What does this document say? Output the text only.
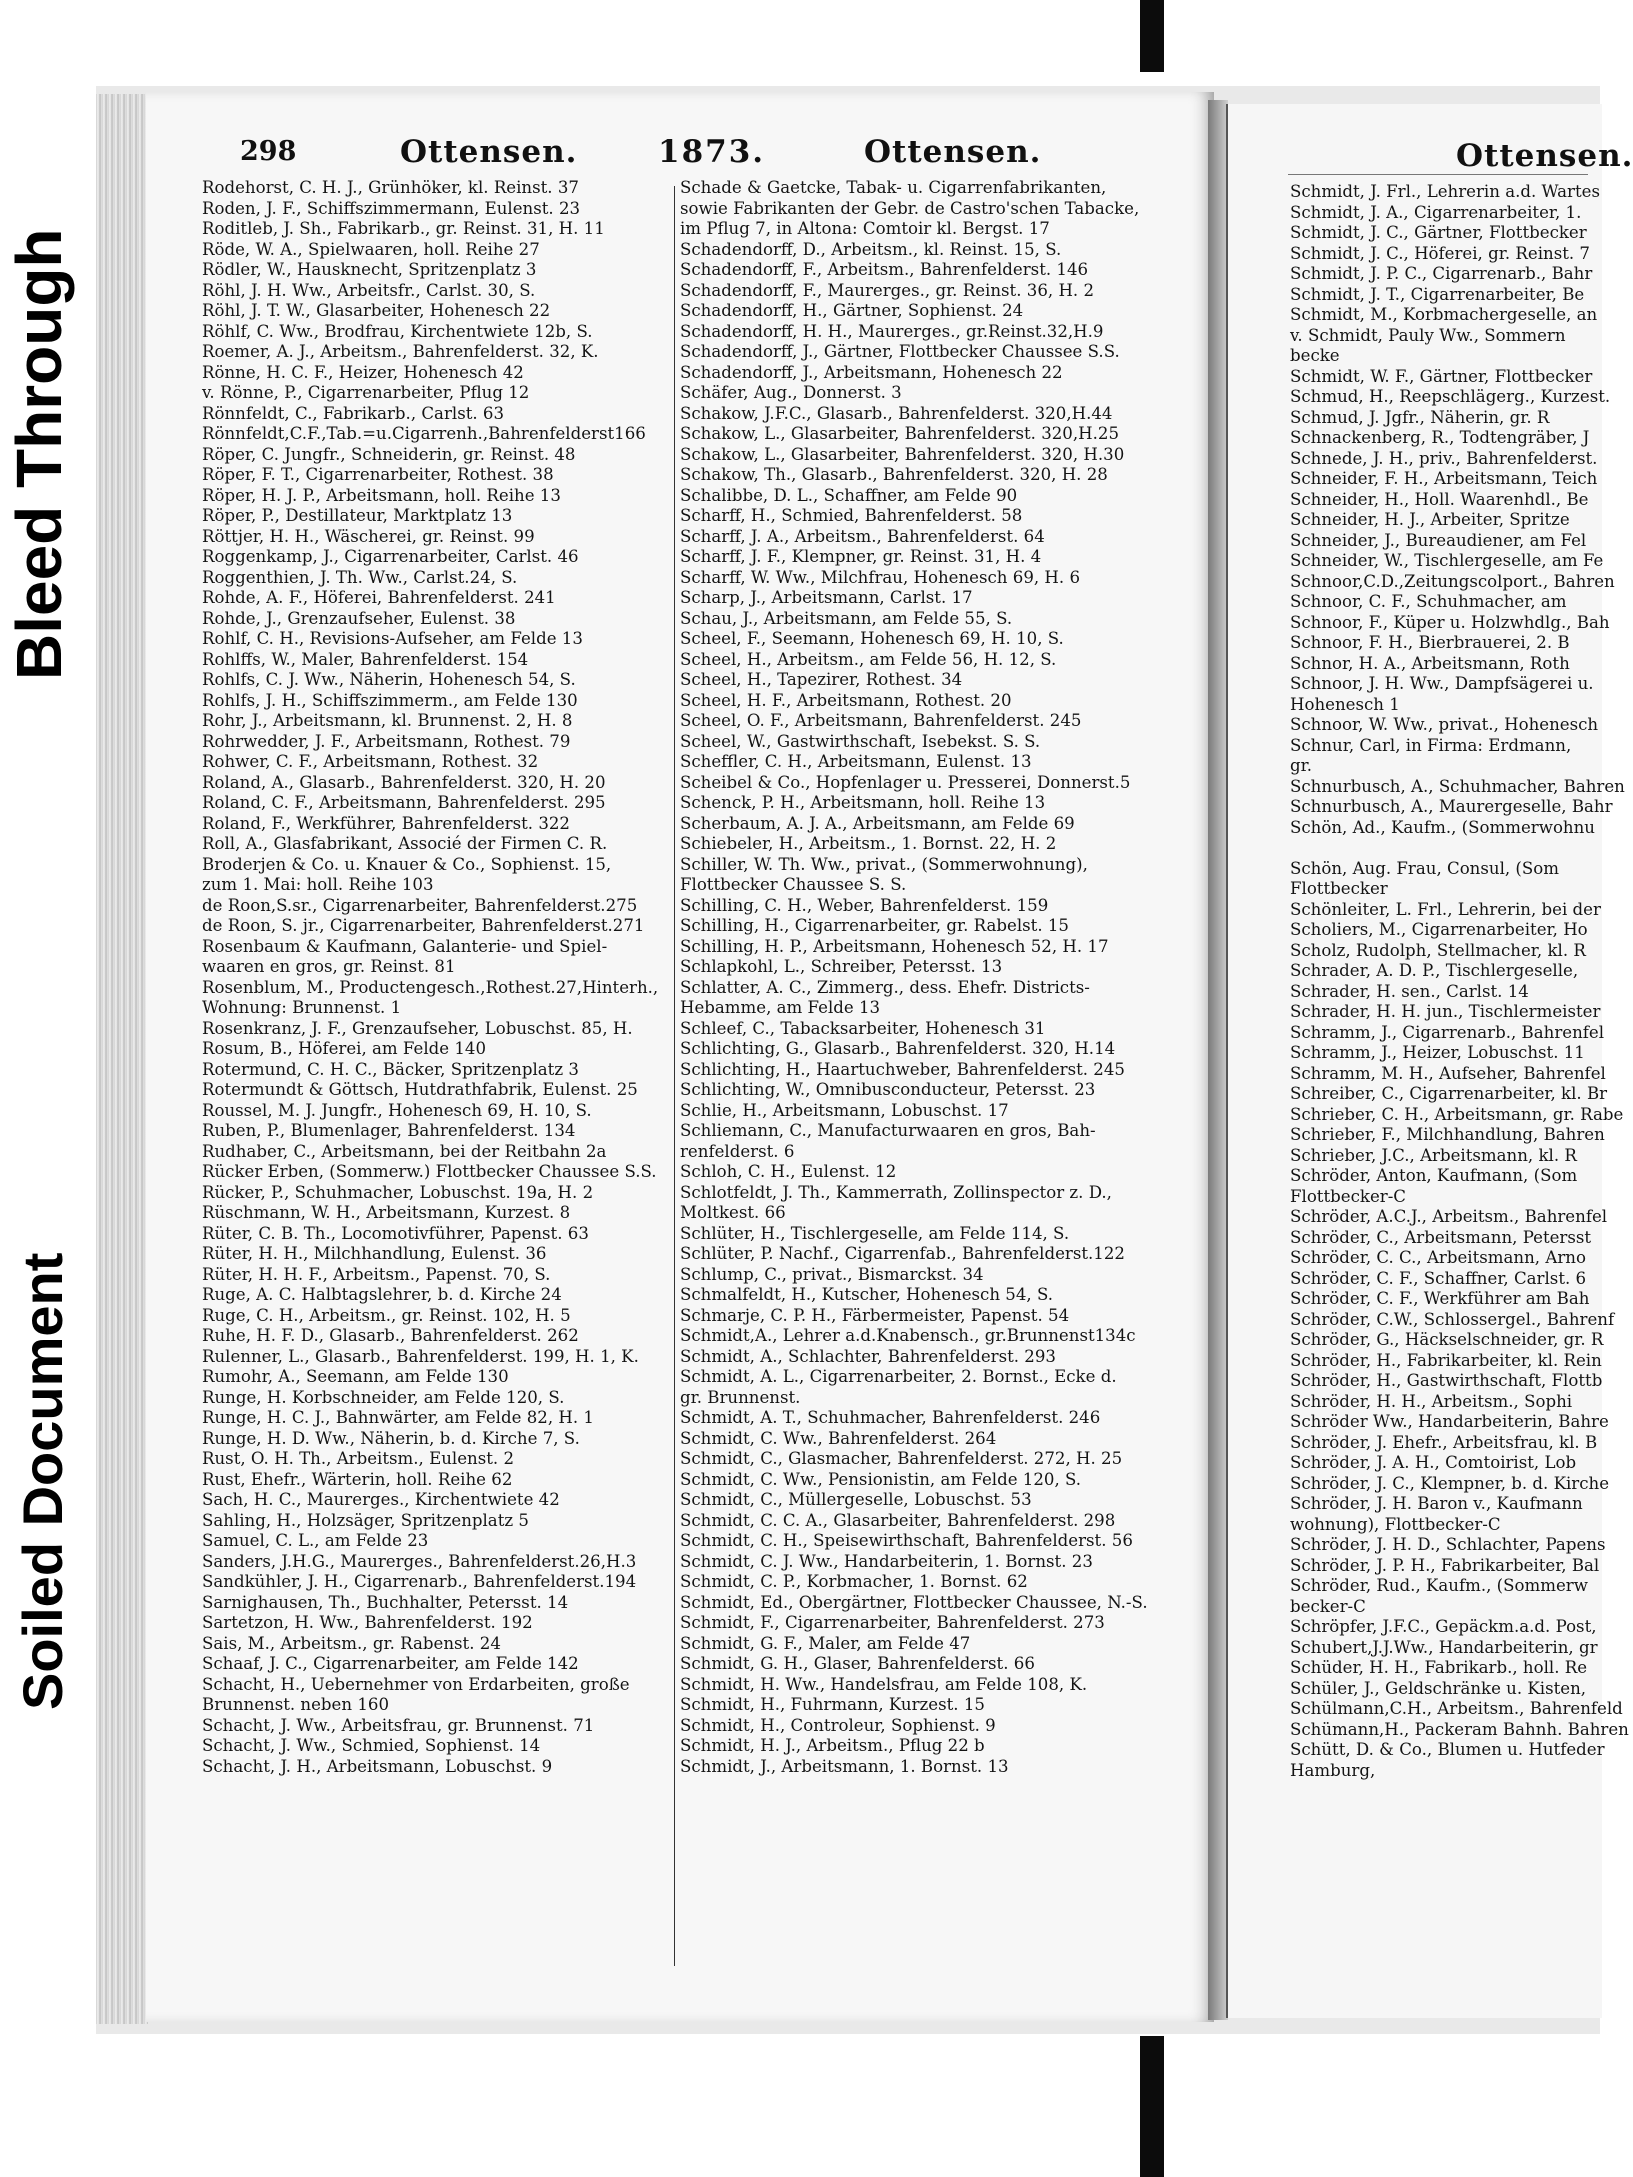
Bleed Through
Soiled Document
298	Ottensen.	1873.	Ottensen.	Ottensen.
Rodehorst, C. H. J., Grünhöker, kl. Reinst. 37
Roden, J. F., Schiffszimmermann, Eulenst. 23
Roditleb, J. Sh., Fabrikarb., gr. Reinst. 31, H. 11
Röde, W. A., Spielwaaren, holl. Reihe 27
Rödler, W., Hausknecht, Spritzenplatz 3
Röhl, J. H. Ww., Arbeitsfr., Carlst. 30, S.
Röhl, J. T. W., Glasarbeiter, Hohenesch 22
Röhlf, C. Ww., Brodfrau, Kirchentwiete 12b, S.
Roemer, A. J., Arbeitsm., Bahrenfelderst. 32, K.
Rönne, H. C. F., Heizer, Hohenesch 42
v. Rönne, P., Cigarrenarbeiter, Pflug 12
Rönnfeldt, C., Fabrikarb., Carlst. 63
Rönnfeldt,C.F.,Tab.=u.Cigarrenh.,Bahrenfelderst166
Röper, C. Jungfr., Schneiderin, gr. Reinst. 48
Röper, F. T., Cigarrenarbeiter, Rothest. 38
Röper, H. J. P., Arbeitsmann, holl. Reihe 13
Röper, P., Destillateur, Marktplatz 13
Röttjer, H. H., Wäscherei, gr. Reinst. 99
Roggenkamp, J., Cigarrenarbeiter, Carlst. 46
Roggenthien, J. Th. Ww., Carlst.24, S.
Rohde, A. F., Höferei, Bahrenfelderst. 241
Rohde, J., Grenzaufseher, Eulenst. 38
Rohlf, C. H., Revisions-Aufseher, am Felde 13
Rohlffs, W., Maler, Bahrenfelderst. 154
Rohlfs, C. J. Ww., Näherin, Hohenesch 54, S.
Rohlfs, J. H., Schiffszimmerm., am Felde 130
Rohr, J., Arbeitsmann, kl. Brunnenst. 2, H. 8
Rohrwedder, J. F., Arbeitsmann, Rothest. 79
Rohwer, C. F., Arbeitsmann, Rothest. 32
Roland, A., Glasarb., Bahrenfelderst. 320, H. 20
Roland, C. F., Arbeitsmann, Bahrenfelderst. 295
Roland, F., Werkführer, Bahrenfelderst. 322
Roll, A., Glasfabrikant, Associé der Firmen C. R.
Broderjen & Co. u. Knauer & Co., Sophienst. 15,
zum 1. Mai: holl. Reihe 103
de Roon,S.sr., Cigarrenarbeiter, Bahrenfelderst.275
de Roon, S. jr., Cigarrenarbeiter, Bahrenfelderst.271
Rosenbaum & Kaufmann, Galanterie- und Spiel-
waaren en gros, gr. Reinst. 81
Rosenblum, M., Productengesch.,Rothest.27,Hinterh.,
Wohnung: Brunnenst. 1
Rosenkranz, J. F., Grenzaufseher, Lobuschst. 85, H.
Rosum, B., Höferei, am Felde 140
Rotermund, C. H. C., Bäcker, Spritzenplatz 3
Rotermundt & Göttsch, Hutdrathfabrik, Eulenst. 25
Roussel, M. J. Jungfr., Hohenesch 69, H. 10, S.
Ruben, P., Blumenlager, Bahrenfelderst. 134
Rudhaber, C., Arbeitsmann, bei der Reitbahn 2a
Rücker Erben, (Sommerw.) Flottbecker Chaussee S.S.
Rücker, P., Schuhmacher, Lobuschst. 19a, H. 2
Rüschmann, W. H., Arbeitsmann, Kurzest. 8
Rüter, C. B. Th., Locomotivführer, Papenst. 63
Rüter, H. H., Milchhandlung, Eulenst. 36
Rüter, H. H. F., Arbeitsm., Papenst. 70, S.
Ruge, A. C. Halbtagslehrer, b. d. Kirche 24
Ruge, C. H., Arbeitsm., gr. Reinst. 102, H. 5
Ruhe, H. F. D., Glasarb., Bahrenfelderst. 262
Rulenner, L., Glasarb., Bahrenfelderst. 199, H. 1, K.
Rumohr, A., Seemann, am Felde 130
Runge, H. Korbschneider, am Felde 120, S.
Runge, H. C. J., Bahnwärter, am Felde 82, H. 1
Runge, H. D. Ww., Näherin, b. d. Kirche 7, S.
Rust, O. H. Th., Arbeitsm., Eulenst. 2
Rust, Ehefr., Wärterin, holl. Reihe 62
Sach, H. C., Maurerges., Kirchentwiete 42
Sahling, H., Holzsäger, Spritzenplatz 5
Samuel, C. L., am Felde 23
Sanders, J.H.G., Maurerges., Bahrenfelderst.26,H.3
Sandkühler, J. H., Cigarrenarb., Bahrenfelderst.194
Sarnighausen, Th., Buchhalter, Petersst. 14
Sartetzon, H. Ww., Bahrenfelderst. 192
Sais, M., Arbeitsm., gr. Rabenst. 24
Schaaf, J. C., Cigarrenarbeiter, am Felde 142
Schacht, H., Uebernehmer von Erdarbeiten, große
Brunnenst. neben 160
Schacht, J. Ww., Arbeitsfrau, gr. Brunnenst. 71
Schacht, J. Ww., Schmied, Sophienst. 14
Schacht, J. H., Arbeitsmann, Lobuschst. 9
Schade & Gaetcke, Tabak- u. Cigarrenfabrikanten,
sowie Fabrikanten der Gebr. de Castro'schen Tabacke,
im Pflug 7, in Altona: Comtoir kl. Bergst. 17
Schadendorff, D., Arbeitsm., kl. Reinst. 15, S.
Schadendorff, F., Arbeitsm., Bahrenfelderst. 146
Schadendorff, F., Maurerges., gr. Reinst. 36, H. 2
Schadendorff, H., Gärtner, Sophienst. 24
Schadendorff, H. H., Maurerges., gr.Reinst.32,H.9
Schadendorff, J., Gärtner, Flottbecker Chaussee S.S.
Schadendorff, J., Arbeitsmann, Hohenesch 22
Schäfer, Aug., Donnerst. 3
Schakow, J.F.C., Glasarb., Bahrenfelderst. 320,H.44
Schakow, L., Glasarbeiter, Bahrenfelderst. 320,H.25
Schakow, L., Glasarbeiter, Bahrenfelderst. 320, H.30
Schakow, Th., Glasarb., Bahrenfelderst. 320, H. 28
Schalibbe, D. L., Schaffner, am Felde 90
Scharff, H., Schmied, Bahrenfelderst. 58
Scharff, J. A., Arbeitsm., Bahrenfelderst. 64
Scharff, J. F., Klempner, gr. Reinst. 31, H. 4
Scharff, W. Ww., Milchfrau, Hohenesch 69, H. 6
Scharp, J., Arbeitsmann, Carlst. 17
Schau, J., Arbeitsmann, am Felde 55, S.
Scheel, F., Seemann, Hohenesch 69, H. 10, S.
Scheel, H., Arbeitsm., am Felde 56, H. 12, S.
Scheel, H., Tapezirer, Rothest. 34
Scheel, H. F., Arbeitsmann, Rothest. 20
Scheel, O. F., Arbeitsmann, Bahrenfelderst. 245
Scheel, W., Gastwirthschaft, Isebekst. S. S.
Scheffler, C. H., Arbeitsmann, Eulenst. 13
Scheibel & Co., Hopfenlager u. Presserei, Donnerst.5
Schenck, P. H., Arbeitsmann, holl. Reihe 13
Scherbaum, A. J. A., Arbeitsmann, am Felde 69
Schiebeler, H., Arbeitsm., 1. Bornst. 22, H. 2
Schiller, W. Th. Ww., privat., (Sommerwohnung),
Flottbecker Chaussee S. S.
Schilling, C. H., Weber, Bahrenfelderst. 159
Schilling, H., Cigarrenarbeiter, gr. Rabelst. 15
Schilling, H. P., Arbeitsmann, Hohenesch 52, H. 17
Schlapkohl, L., Schreiber, Petersst. 13
Schlatter, A. C., Zimmerg., dess. Ehefr. Districts-
Hebamme, am Felde 13
Schleef, C., Tabacksarbeiter, Hohenesch 31
Schlichting, G., Glasarb., Bahrenfelderst. 320, H.14
Schlichting, H., Haartuchweber, Bahrenfelderst. 245
Schlichting, W., Omnibusconducteur, Petersst. 23
Schlie, H., Arbeitsmann, Lobuschst. 17
Schliemann, C., Manufacturwaaren en gros, Bah-
renfelderst. 6
Schloh, C. H., Eulenst. 12
Schlotfeldt, J. Th., Kammerrath, Zollinspector z. D.,
Moltkest. 66
Schlüter, H., Tischlergeselle, am Felde 114, S.
Schlüter, P. Nachf., Cigarrenfab., Bahrenfelderst.122
Schlump, C., privat., Bismarckst. 34
Schmalfeldt, H., Kutscher, Hohenesch 54, S.
Schmarje, C. P. H., Färbermeister, Papenst. 54
Schmidt,A., Lehrer a.d.Knabensch., gr.Brunnenst134c
Schmidt, A., Schlachter, Bahrenfelderst. 293
Schmidt, A. L., Cigarrenarbeiter, 2. Bornst., Ecke d.
gr. Brunnenst.
Schmidt, A. T., Schuhmacher, Bahrenfelderst. 246
Schmidt, C. Ww., Bahrenfelderst. 264
Schmidt, C., Glasmacher, Bahrenfelderst. 272, H. 25
Schmidt, C. Ww., Pensionistin, am Felde 120, S.
Schmidt, C., Müllergeselle, Lobuschst. 53
Schmidt, C. C. A., Glasarbeiter, Bahrenfelderst. 298
Schmidt, C. H., Speisewirthschaft, Bahrenfelderst. 56
Schmidt, C. J. Ww., Handarbeiterin, 1. Bornst. 23
Schmidt, C. P., Korbmacher, 1. Bornst. 62
Schmidt, Ed., Obergärtner, Flottbecker Chaussee, N.-S.
Schmidt, F., Cigarrenarbeiter, Bahrenfelderst. 273
Schmidt, G. F., Maler, am Felde 47
Schmidt, G. H., Glaser, Bahrenfelderst. 66
Schmidt, H. Ww., Handelsfrau, am Felde 108, K.
Schmidt, H., Fuhrmann, Kurzest. 15
Schmidt, H., Controleur, Sophienst. 9
Schmidt, H. J., Arbeitsm., Pflug 22 b
Schmidt, J., Arbeitsmann, 1. Bornst. 13
Schmidt, J. Frl., Lehrerin a.d. Wartes
Schmidt, J. A., Cigarrenarbeiter, 1.
Schmidt, J. C., Gärtner, Flottbecker
Schmidt, J. C., Höferei, gr. Reinst. 7
Schmidt, J. P. C., Cigarrenarb., Bahr
Schmidt, J. T., Cigarrenarbeiter, Be
Schmidt, M., Korbmachergeselle, an
v. Schmidt, Pauly Ww., Sommern
becke
Schmidt, W. F., Gärtner, Flottbecker
Schmud, H., Reepschlägerg., Kurzest.
Schmud, J. Jgfr., Näherin, gr. R
Schnackenberg, R., Todtengräber, J
Schnede, J. H., priv., Bahrenfelderst.
Schneider, F. H., Arbeitsmann, Teich
Schneider, H., Holl. Waarenhdl., Be
Schneider, H. J., Arbeiter, Spritze
Schneider, J., Bureaudiener, am Fel
Schneider, W., Tischlergeselle, am Fe
Schnoor,C.D.,Zeitungscolport., Bahren
Schnoor, C. F., Schuhmacher, am
Schnoor, F., Küper u. Holzwhdlg., Bah
Schnoor, F. H., Bierbrauerei, 2. B
Schnor, H. A., Arbeitsmann, Roth
Schnoor, J. H. Ww., Dampfsägerei u.
Hohenesch 1
Schnoor, W. Ww., privat., Hohenesch
Schnur, Carl, in Firma: Erdmann,
gr.
Schnurbusch, A., Schuhmacher, Bahren
Schnurbusch, A., Maurergeselle, Bahr
Schön, Ad., Kaufm., (Sommerwohnu
Schön, Aug. Frau, Consul, (Som
Flottbecker
Schönleiter, L. Frl., Lehrerin, bei der
Scholiers, M., Cigarrenarbeiter, Ho
Scholz, Rudolph, Stellmacher, kl. R
Schrader, A. D. P., Tischlergeselle,
Schrader, H. sen., Carlst. 14
Schrader, H. H. jun., Tischlermeister
Schramm, J., Cigarrenarb., Bahrenfel
Schramm, J., Heizer, Lobuschst. 11
Schramm, M. H., Aufseher, Bahrenfel
Schreiber, C., Cigarrenarbeiter, kl. Br
Schrieber, C. H., Arbeitsmann, gr. Rabe
Schrieber, F., Milchhandlung, Bahren
Schrieber, J.C., Arbeitsmann, kl. R
Schröder, Anton, Kaufmann, (Som
Flottbecker-C
Schröder, A.C.J., Arbeitsm., Bahrenfel
Schröder, C., Arbeitsmann, Petersst
Schröder, C. C., Arbeitsmann, Arno
Schröder, C. F., Schaffner, Carlst. 6
Schröder, C. F., Werkführer am Bah
Schröder, C.W., Schlossergel., Bahrenf
Schröder, G., Häckselschneider, gr. R
Schröder, H., Fabrikarbeiter, kl. Rein
Schröder, H., Gastwirthschaft, Flottb
Schröder, H. H., Arbeitsm., Sophi
Schröder Ww., Handarbeiterin, Bahre
Schröder, J. Ehefr., Arbeitsfrau, kl. B
Schröder, J. A. H., Comtoirist, Lob
Schröder, J. C., Klempner, b. d. Kirche
Schröder, J. H. Baron v., Kaufmann
wohnung), Flottbecker-C
Schröder, J. H. D., Schlachter, Papens
Schröder, J. P. H., Fabrikarbeiter, Bal
Schröder, Rud., Kaufm., (Sommerw
becker-C
Schröpfer, J.F.C., Gepäckm.a.d. Post,
Schubert,J.J.Ww., Handarbeiterin, gr
Schüder, H. H., Fabrikarb., holl. Re
Schüler, J., Geldschränke u. Kisten,
Schülmann,C.H., Arbeitsm., Bahrenfeld
Schümann,H., Packeram Bahnh. Bahren
Schütt, D. & Co., Blumen u. Hutfeder
Hamburg,
